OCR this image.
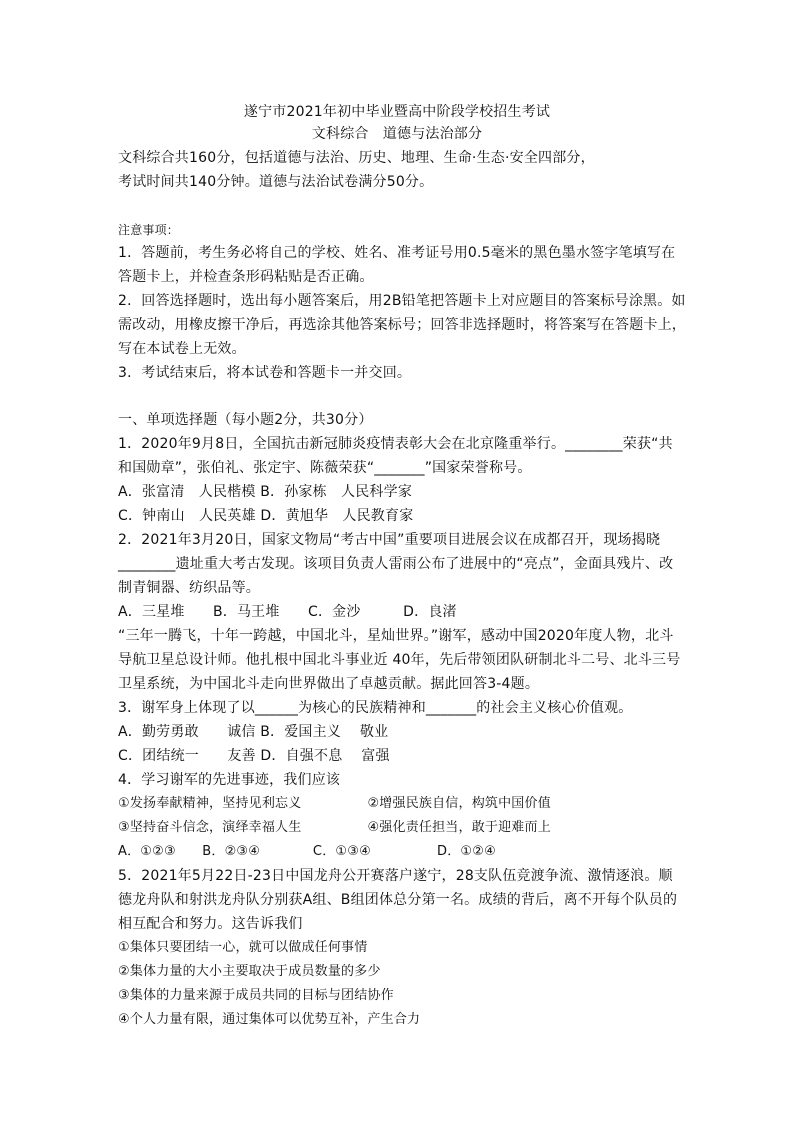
遂宁市2021年初中毕业暨高中阶段学校招生考试
文科综合　道德与法治部分
文科综合共160分，包括道德与法治、历史、地理、生命·生态·安全四部分，
考试时间共140分钟。道德与法治试卷满分50分。
注意事项：
1．答题前，考生务必将自己的学校、姓名、准考证号用0.5毫米的黑色墨水签字笔填写在
答题卡上，并检查条形码粘贴是否正确。
2．回答选择题时，选出每小题答案后，用2B铅笔把答题卡上对应题目的答案标号涂黑。如
需改动，用橡皮擦干净后，再选涂其他答案标号；回答非选择题时，将答案写在答题卡上，
写在本试卷上无效。
3．考试结束后，将本试卷和答题卡一并交回。
一、单项选择题（每小题2分，共30分）
1．2020年9月8日，全国抗击新冠肺炎疫情表彰大会在北京隆重举行。________荣获“共
和国勋章”，张伯礼、张定宇、陈薇荣获“_______”国家荣誉称号。
A．张富清　人民楷模 B．孙家栋　人民科学家
C．钟南山　人民英雄 D．黄旭华　人民教育家
2．2021年3月20日，国家文物局“考古中国”重要项目进展会议在成都召开，现场揭晓
________遗址重大考古发现。该项目负责人雷雨公布了进展中的“亮点”，金面具残片、改
制青铜器、纺织品等。
A．三星堆　　B．马王堆　　C．金沙　　　D．良渚
“三年一腾飞，十年一跨越，中国北斗，星灿世界。”谢军，感动中国2020年度人物，北斗
导航卫星总设计师。他扎根中国北斗事业近 40年，先后带领团队研制北斗二号、北斗三号
卫星系统，为中国北斗走向世界做出了卓越贡献。据此回答3-4题。
3．谢军身上体现了以______为核心的民族精神和_______的社会主义核心价值观。
A．勤劳勇敢　　诚信 B．爱国主义　 敬业
C．团结统一　　友善 D．自强不息　 富强
4．学习谢军的先进事迹，我们应该
①发扬奉献精神，坚持见利忘义　　　　　②增强民族自信，构筑中国价值
③坚持奋斗信念，演绎幸福人生　　　　　④强化责任担当，敢于迎难而上
A．①②③　　B．②③④　　　　C．①③④　　　　　D．①②④
5．2021年5月22日-23日中国龙舟公开赛落户遂宁，28支队伍竞渡争流、激情逐浪。顺
德龙舟队和射洪龙舟队分别获A组、B组团体总分第一名。成绩的背后，离不开每个队员的
相互配合和努力。这告诉我们
①集体只要团结一心，就可以做成任何事情
②集体力量的大小主要取决于成员数量的多少
③集体的力量来源于成员共同的目标与团结协作
④个人力量有限，通过集体可以优势互补，产生合力
